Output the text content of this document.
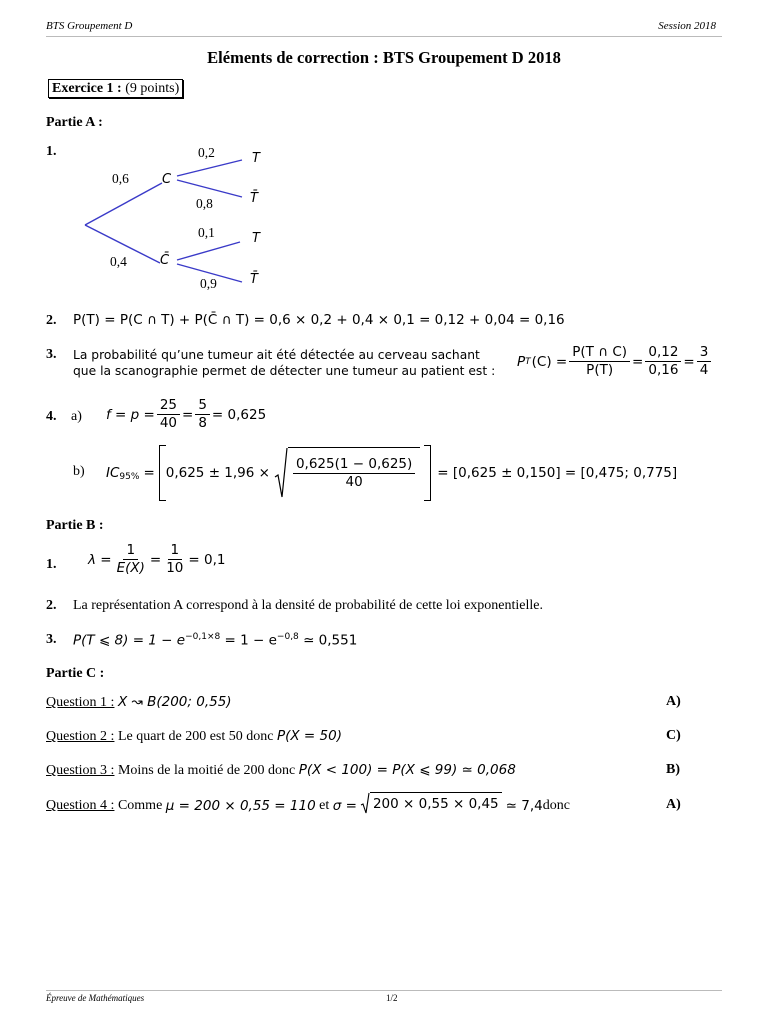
BTS Groupement D	Session 2018
Eléments de correction : BTS Groupement D 2018
Exercice 1 : (9 points)
Partie A :
1.
0,6
0,4
0,2
0,8
0,1
0,9
C
C̄
T
T̄
T
T̄
2. P(T) = P(C ∩ T) + P(C̄ ∩ T) = 0,6 × 0,2 + 0,4 × 0,1 = 0,12 + 0,04 = 0,16
3. La probabilité qu’une tumeur ait été détectée au cerveau sachant
que la scanographie permet de détecter une tumeur au patient est :
P T $(C) = \frac{P(T \cap C)}{P(T)} = \frac{0,12}{0,16} = \frac{3}{4}$
4. a) $f = p = \frac{25}{40} = \frac{5}{8} = 0,625$
b) $IC_{95\%} = 0,625 \pm 1,96 \times \frac{0,625(1 - 0,625)}{40} = [0,625 \pm 0,150] = [0,475$; 0,775]
Partie B :
1. $\lambda = \frac{1}{E(X)} = \frac{1}{10} = 0,1$
2. La représentation A correspond à la densité de probabilité de cette loi exponentielle.
3. P(T ⩽ $8) = 1 - e^{-0,1\times 8} = 1 - e^{-0,8}$ ≃ 0,551
Partie C :
Question 1 : X ↝ B(200; 0,55)	A)
Question 2 : Le quart de 200 est 50 donc P(X = 50)	C)
Question 3 : Moins de la moitié de 200 donc P(X < 100) = P(X ⩽ 99) ≃ 0,068	B)
Question 4 : Comme μ = 200 × 0,55 = 110 et σ = 200 × 0,55 × 0,45 ≃ 7,4 donc	A)
Épreuve de Mathématiques	1/2
